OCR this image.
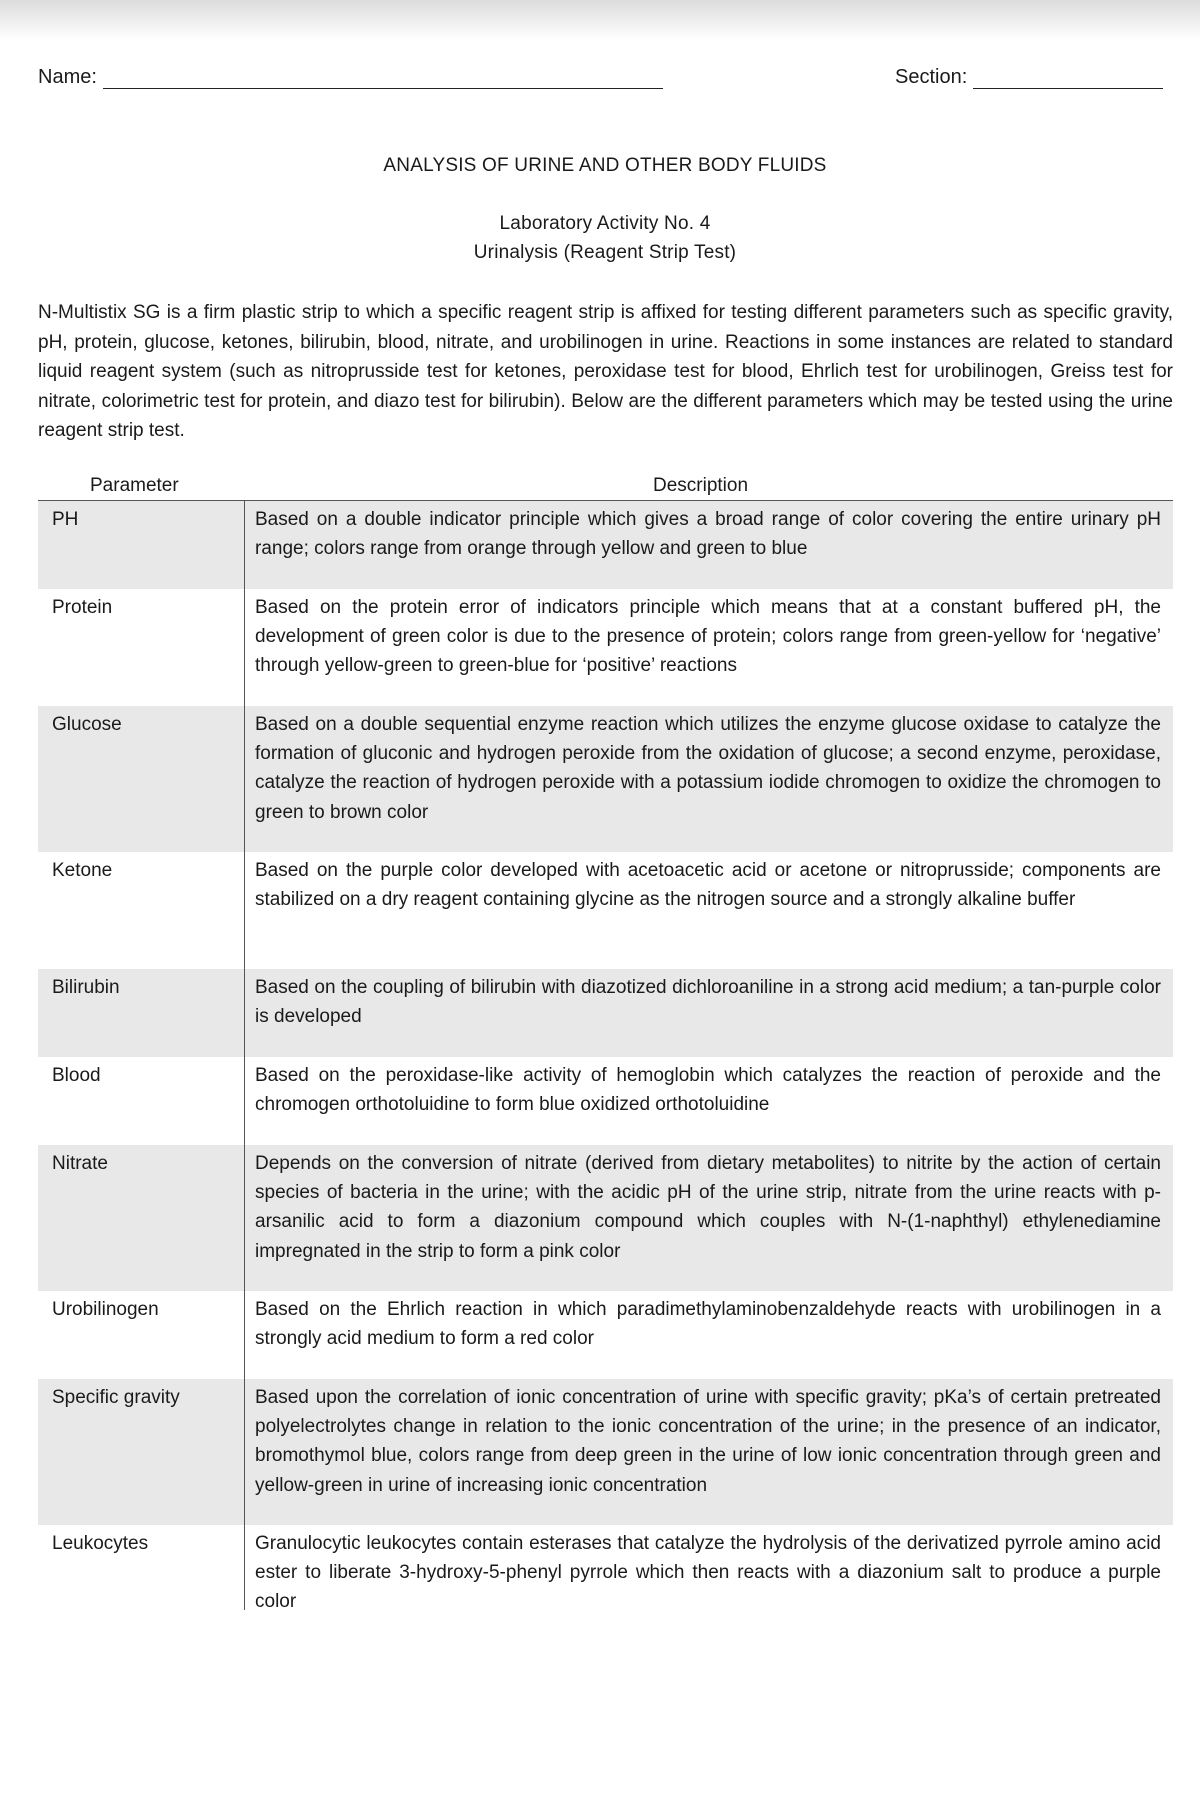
Name:	Section:
ANALYSIS OF URINE AND OTHER BODY FLUIDS
Laboratory Activity No. 4
Urinalysis (Reagent Strip Test)

N-Multistix SG is a firm plastic strip to which a specific reagent strip is affixed for testing different parameters such as specific gravity, pH, protein, glucose, ketones, bilirubin, blood, nitrate, and urobilinogen in urine. Reactions in some instances are related to standard liquid reagent system (such as nitroprusside test for ketones, peroxidase test for blood, Ehrlich test for urobilinogen, Greiss test for nitrate, colorimetric test for protein, and diazo test for bilirubin). Below are the different parameters which may be tested using the urine reagent strip test.

Parameter	Description
PH	Based on a double indicator principle which gives a broad range of color covering the entire urinary pH range; colors range from orange through yellow and green to blue
Protein	Based on the protein error of indicators principle which means that at a constant buffered pH, the development of green color is due to the presence of protein; colors range from green-yellow for ‘negative’ through yellow-green to green-blue for ‘positive’ reactions
Glucose	Based on a double sequential enzyme reaction which utilizes the enzyme glucose oxidase to catalyze the formation of gluconic and hydrogen peroxide from the oxidation of glucose; a second enzyme, peroxidase, catalyze the reaction of hydrogen peroxide with a potassium iodide chromogen to oxidize the chromogen to green to brown color
Ketone	Based on the purple color developed with acetoacetic acid or acetone or nitroprusside; components are stabilized on a dry reagent containing glycine as the nitrogen source and a strongly alkaline buffer
Bilirubin	Based on the coupling of bilirubin with diazotized dichloroaniline in a strong acid medium; a tan-purple color is developed
Blood	Based on the peroxidase-like activity of hemoglobin which catalyzes the reaction of peroxide and the chromogen orthotoluidine to form blue oxidized orthotoluidine
Nitrate	Depends on the conversion of nitrate (derived from dietary metabolites) to nitrite by the action of certain species of bacteria in the urine; with the acidic pH of the urine strip, nitrate from the urine reacts with p-arsanilic acid to form a diazonium compound which couples with N-(1-naphthyl) ethylenediamine impregnated in the strip to form a pink color
Urobilinogen	Based on the Ehrlich reaction in which paradimethylaminobenzaldehyde reacts with urobilinogen in a strongly acid medium to form a red color
Specific gravity	Based upon the correlation of ionic concentration of urine with specific gravity; pKa’s of certain pretreated polyelectrolytes change in relation to the ionic concentration of the urine; in the presence of an indicator, bromothymol blue, colors range from deep green in the urine of low ionic concentration through green and yellow-green in urine of increasing ionic concentration
Leukocytes	Granulocytic leukocytes contain esterases that catalyze the hydrolysis of the derivatized pyrrole amino acid ester to liberate 3-hydroxy-5-phenyl pyrrole which then reacts with a diazonium salt to produce a purple color
